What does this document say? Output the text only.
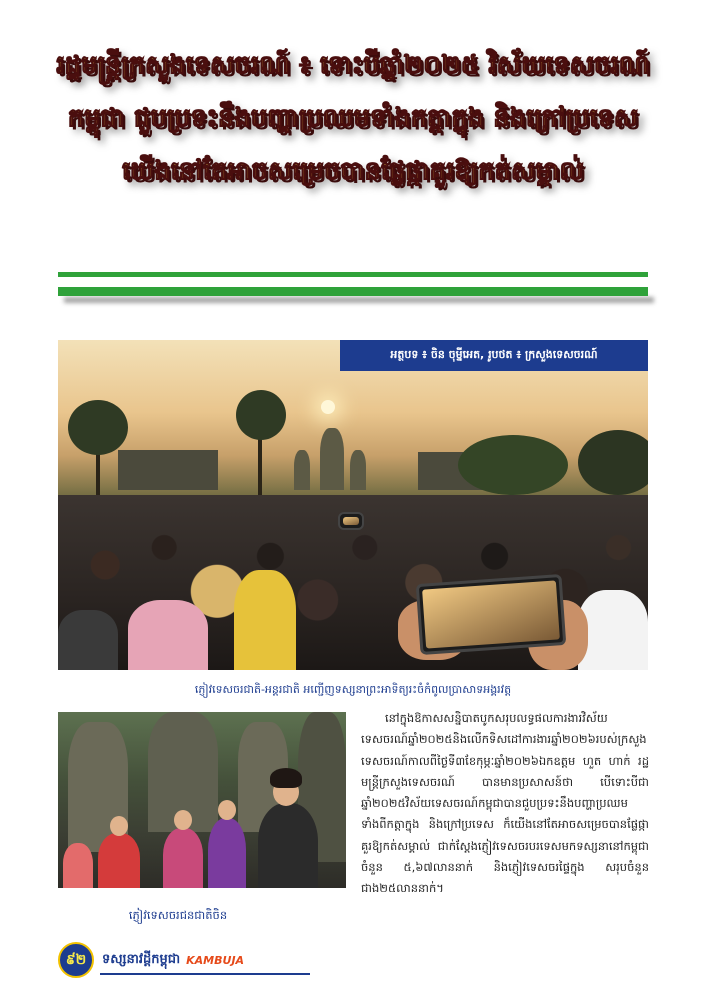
រដ្ឋមន្ត្រីក្រសួងទេសចរណ៍ ៖ ទោះបីឆ្នាំ២០២៥ វិស័យទេសចរណ៍
កម្ពុជា ជួបប្រទះនឹងបញ្ហាប្រឈមទាំងកត្តាក្នុង និងក្រៅប្រទេស
យើងនៅតែអាចសម្រេចបានផ្លែផ្កាគួរឱ្យកត់សម្គាល់
អត្ថបទ ៖ ចិន ចុម្នីអេត, រូបថត ៖ ក្រសួងទេសចរណ៍
ភ្ញៀវទេសចរជាតិ-អន្តរជាតិ អញ្ជើញទស្សនាព្រះអាទិត្យរះចំកំពូលប្រាសាទអង្គរវត្ត
ភ្ញៀវទេសចរជនជាតិចិន

នៅក្នុងឱកាសសន្និបាតបូកសរុបលទ្ធផលការងារវិស័យទេសចរណ៍ឆ្នាំ២០២៥និងលើកទិសដៅការងារឆ្នាំ២០២៦របស់ក្រសួងទេសចរណ៍កាលពីថ្ងៃទី៣ខែកុម្ភៈឆ្នាំ២០២៦ឯកឧត្តម ហួត ហាក់ រដ្ឋមន្ត្រីក្រសួងទេសចរណ៍ បានមានប្រសាសន៍ថា បើទោះបីជាឆ្នាំ២០២៥វិស័យទេសចរណ៍កម្ពុជាបានជួបប្រទះនឹងបញ្ហាប្រឈមទាំងពីកត្តាក្នុង និងក្រៅប្រទេស ក៏យើងនៅតែអាចសម្រេចបានផ្លែផ្កាគួរឱ្យកត់សម្គាល់ ជាក់ស្តែងភ្ញៀវទេសចរបរទេសមកទស្សនានៅកម្ពុជាចំនួន ៥,៦៧លាននាក់ និងភ្ញៀវទេសចរផ្ទៃក្នុង សរុបចំនួនជាង២៥លាននាក់។

៩២	ទស្សនាវដ្ដីកម្ពុជា KAMBUJA
